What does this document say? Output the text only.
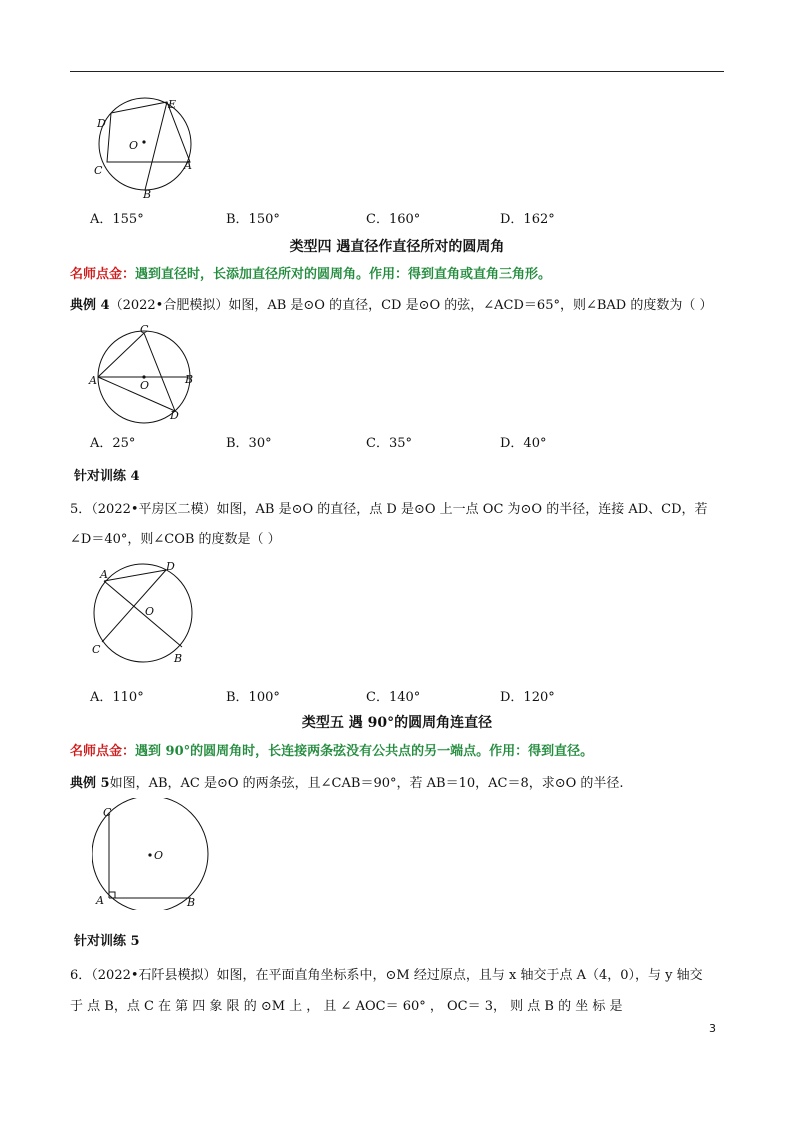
D
E
O
C	A
B
A．155°	B．150°	C．160°	D．162°
类型四 遇直径作直径所对的圆周角
名师点金：遇到直径时，长添加直径所对的圆周角。作用：得到直角或直角三角形。
典例 4（2022•合肥模拟）如图，AB 是⊙O 的直径，CD 是⊙O 的弦，∠ACD＝65°，则∠BAD 的度数为（ ）
C
A	O	B
D
A．25°	B．30°	C．35°	D．40°
针对训练 4
5．（2022•平房区二模）如图，AB 是⊙O 的直径，点 D 是⊙O 上一点 OC 为⊙O 的半径，连接 AD、CD，若
∠D＝40°，则∠COB 的度数是（ ）
A
D
O
C
B
A．110°	B．100°	C．140°	D．120°
类型五 遇 90°的圆周角连直径
名师点金：遇到 90°的圆周角时，长连接两条弦没有公共点的另一端点。作用：得到直径。
典例 5如图，AB，AC 是⊙O 的两条弦，且∠CAB＝90°，若 AB＝10，AC＝8，求⊙O 的半径.
C
O
A	B
针对训练 5
6．（2022•石阡县模拟）如图，在平面直角坐标系中，⊙M 经过原点，且与 x 轴交于点 A（4，0），与 y 轴交
于 点 B，点 C 在 第 四 象 限 的 ⊙M 上 ， 且 ∠ AOC＝ 60° ， OC＝ 3， 则 点 B 的 坐 标 是
3
